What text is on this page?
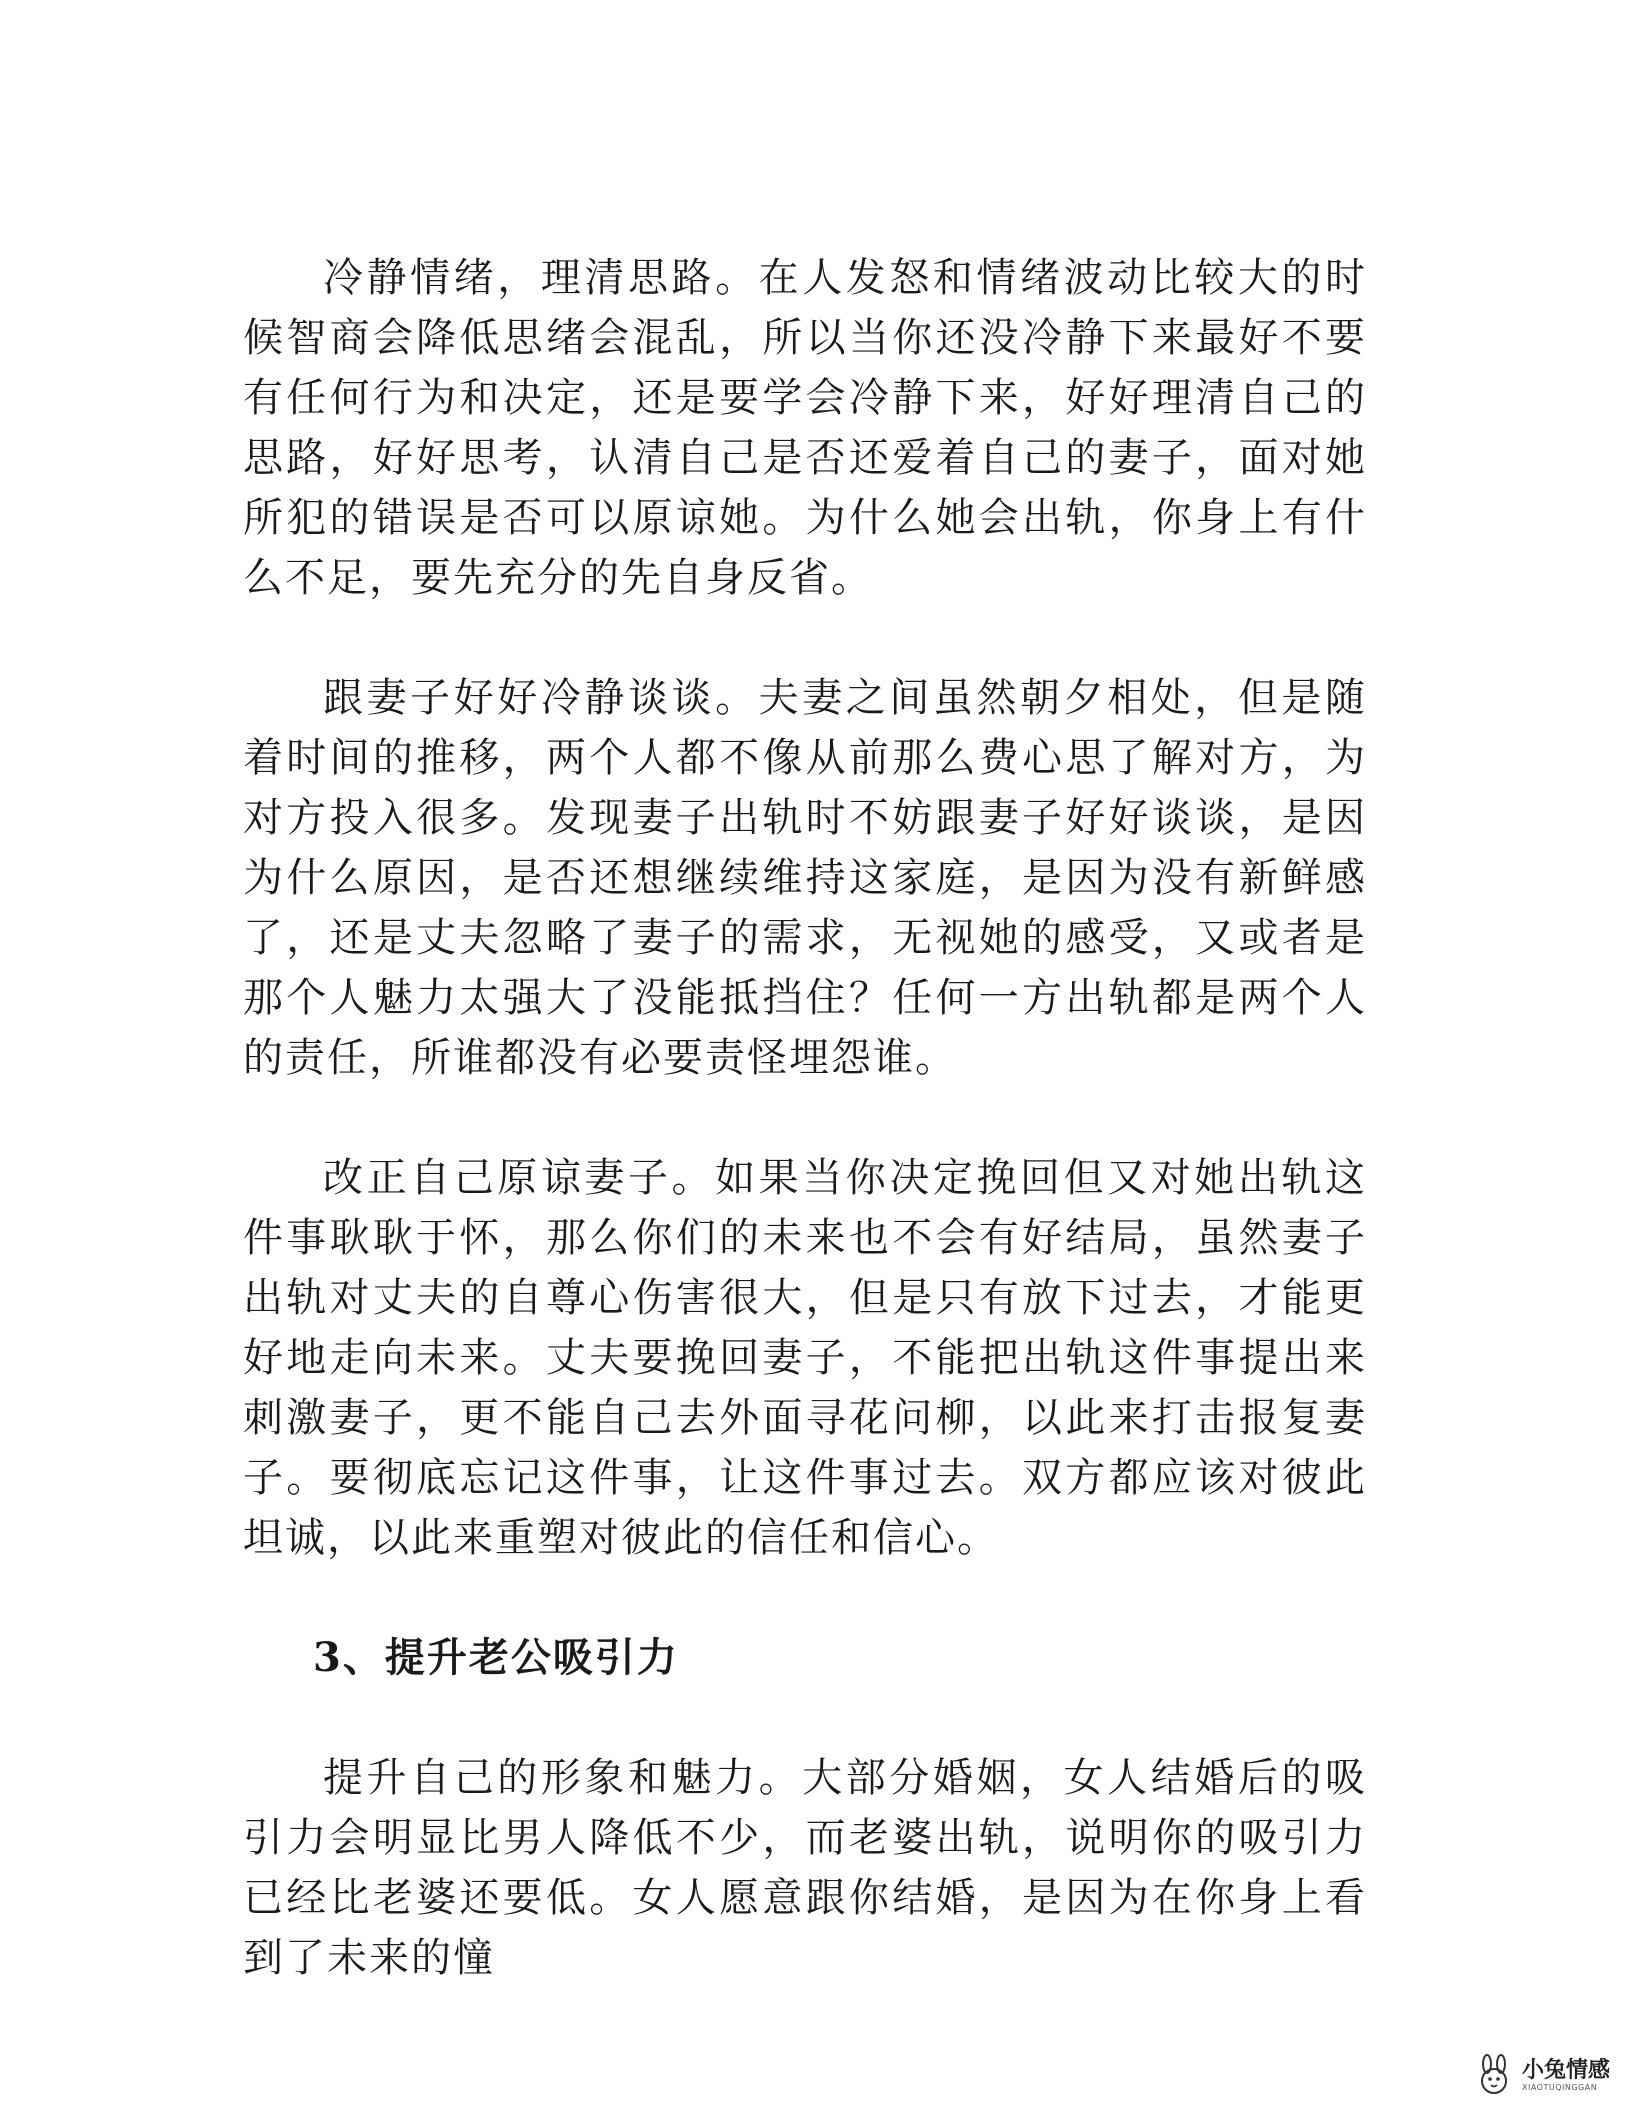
冷静情绪，理清思路。在人发怒和情绪波动比较大的时候智商会降低思绪会混乱，所以当你还没冷静下来最好不要有任何行为和决定，还是要学会冷静下来，好好理清自己的思路，好好思考，认清自己是否还爱着自己的妻子，面对她所犯的错误是否可以原谅她。为什么她会出轨，你身上有什么不足，要先充分的先自身反省。

跟妻子好好冷静谈谈。夫妻之间虽然朝夕相处，但是随着时间的推移，两个人都不像从前那么费心思了解对方，为对方投入很多。发现妻子出轨时不妨跟妻子好好谈谈，是因为什么原因，是否还想继续维持这家庭，是因为没有新鲜感了，还是丈夫忽略了妻子的需求，无视她的感受，又或者是那个人魅力太强大了没能抵挡住？任何一方出轨都是两个人的责任，所谁都没有必要责怪埋怨谁。

改正自己原谅妻子。如果当你决定挽回但又对她出轨这件事耿耿于怀，那么你们的未来也不会有好结局，虽然妻子出轨对丈夫的自尊心伤害很大，但是只有放下过去，才能更好地走向未来。丈夫要挽回妻子，不能把出轨这件事提出来刺激妻子，更不能自己去外面寻花问柳，以此来打击报复妻子。要彻底忘记这件事，让这件事过去。双方都应该对彼此坦诚，以此来重塑对彼此的信任和信心。

3、提升老公吸引力

提升自己的形象和魅力。大部分婚姻，女人结婚后的吸引力会明显比男人降低不少，而老婆出轨，说明你的吸引力已经比老婆还要低。女人愿意跟你结婚，是因为在你身上看到了未来的憧

小兔情感
XIAOTUQINGGAN
